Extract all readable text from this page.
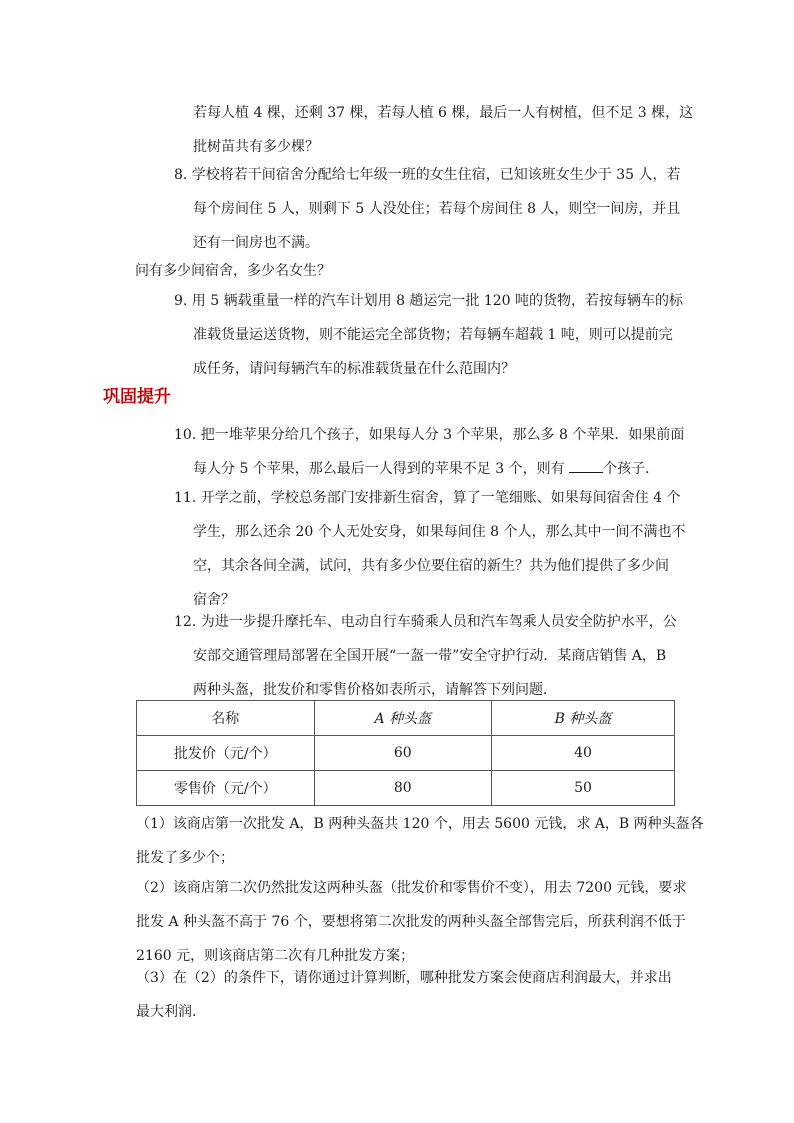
若每人植 4 棵，还剩 37 棵，若每人植 6 棵，最后一人有树植，但不足 3 棵，这
批树苗共有多少棵？
8. 学校将若干间宿舍分配给七年级一班的女生住宿，已知该班女生少于 35 人，若
每个房间住 5 人，则剩下 5 人没处住；若每个房间住 8 人，则空一间房，并且
还有一间房也不满。
问有多少间宿舍，多少名女生？
9. 用 5 辆载重量一样的汽车计划用 8 趟运完一批 120 吨的货物，若按每辆车的标
准载货量运送货物，则不能运完全部货物；若每辆车超载 1 吨，则可以提前完
成任务，请问每辆汽车的标准载货量在什么范围内？
巩固提升
10. 把一堆苹果分给几个孩子，如果每人分 3 个苹果，那么多 8 个苹果．如果前面
每人分 5 个苹果，那么最后一人得到的苹果不足 3 个，则有 个孩子．
11. 开学之前，学校总务部门安排新生宿舍，算了一笔细账、如果每间宿舍住 4 个
学生，那么还余 20 个人无处安身，如果每间住 8 个人，那么其中一间不满也不
空，其余各间全满，试问，共有多少位要住宿的新生？共为他们提供了多少间
宿舍？
12. 为进一步提升摩托车、电动自行车骑乘人员和汽车驾乘人员安全防护水平，公
安部交通管理局部署在全国开展“一盔一带”安全守护行动．某商店销售 A，B
两种头盔，批发价和零售价格如表所示，请解答下列问题．
名称	A 种头盔	B 种头盔
批发价（元/个）	60	40
零售价（元/个）	80	50
（1）该商店第一次批发 A，B 两种头盔共 120 个，用去 5600 元钱，求 A，B 两种头盔各
批发了多少个；
（2）该商店第二次仍然批发这两种头盔（批发价和零售价不变），用去 7200 元钱，要求
批发 A 种头盔不高于 76 个，要想将第二次批发的两种头盔全部售完后，所获利润不低于
2160 元，则该商店第二次有几种批发方案；
（3）在（2）的条件下，请你通过计算判断，哪种批发方案会使商店利润最大，并求出
最大利润．
